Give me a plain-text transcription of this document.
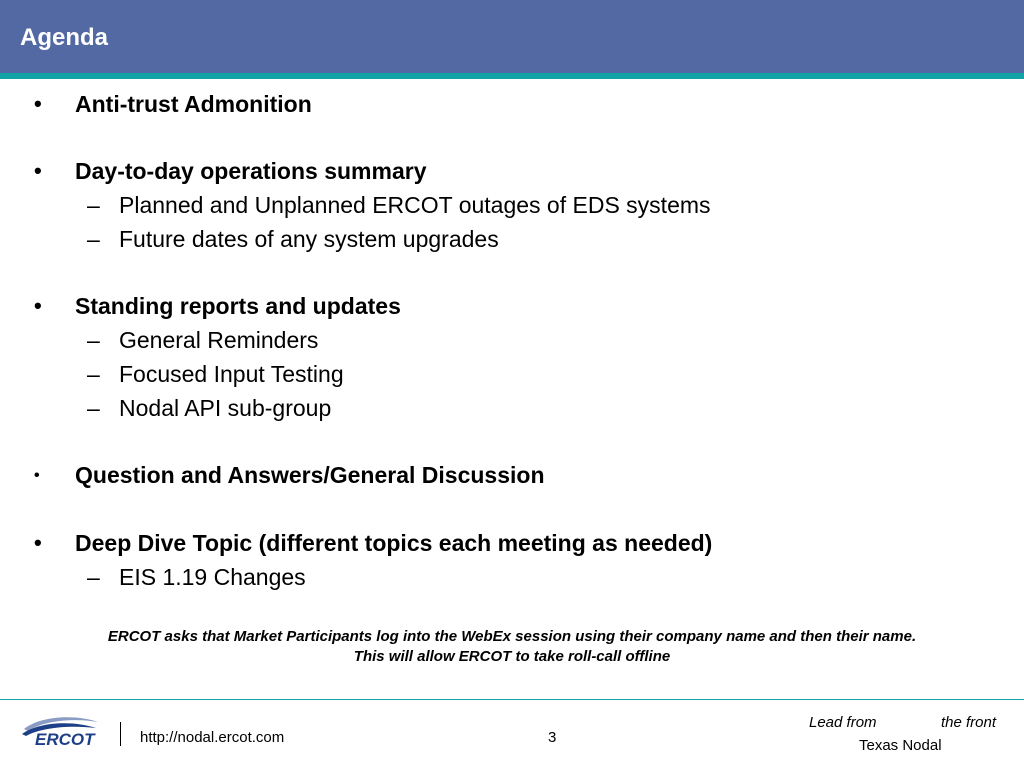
Agenda
• Anti-trust Admonition
• Day-to-day operations summary
– Planned and Unplanned ERCOT outages of EDS systems
– Future dates of any system upgrades
• Standing reports and updates
– General Reminders
– Focused Input Testing
– Nodal API sub-group
• Question and Answers/General Discussion
• Deep Dive Topic (different topics each meeting as needed)
– EIS 1.19 Changes
ERCOT asks that Market Participants log into the WebEx session using their company name and then their name.
This will allow ERCOT to take roll-call offline
ERCOT	http://nodal.ercot.com	3
Lead from	the front
Texas Nodal
